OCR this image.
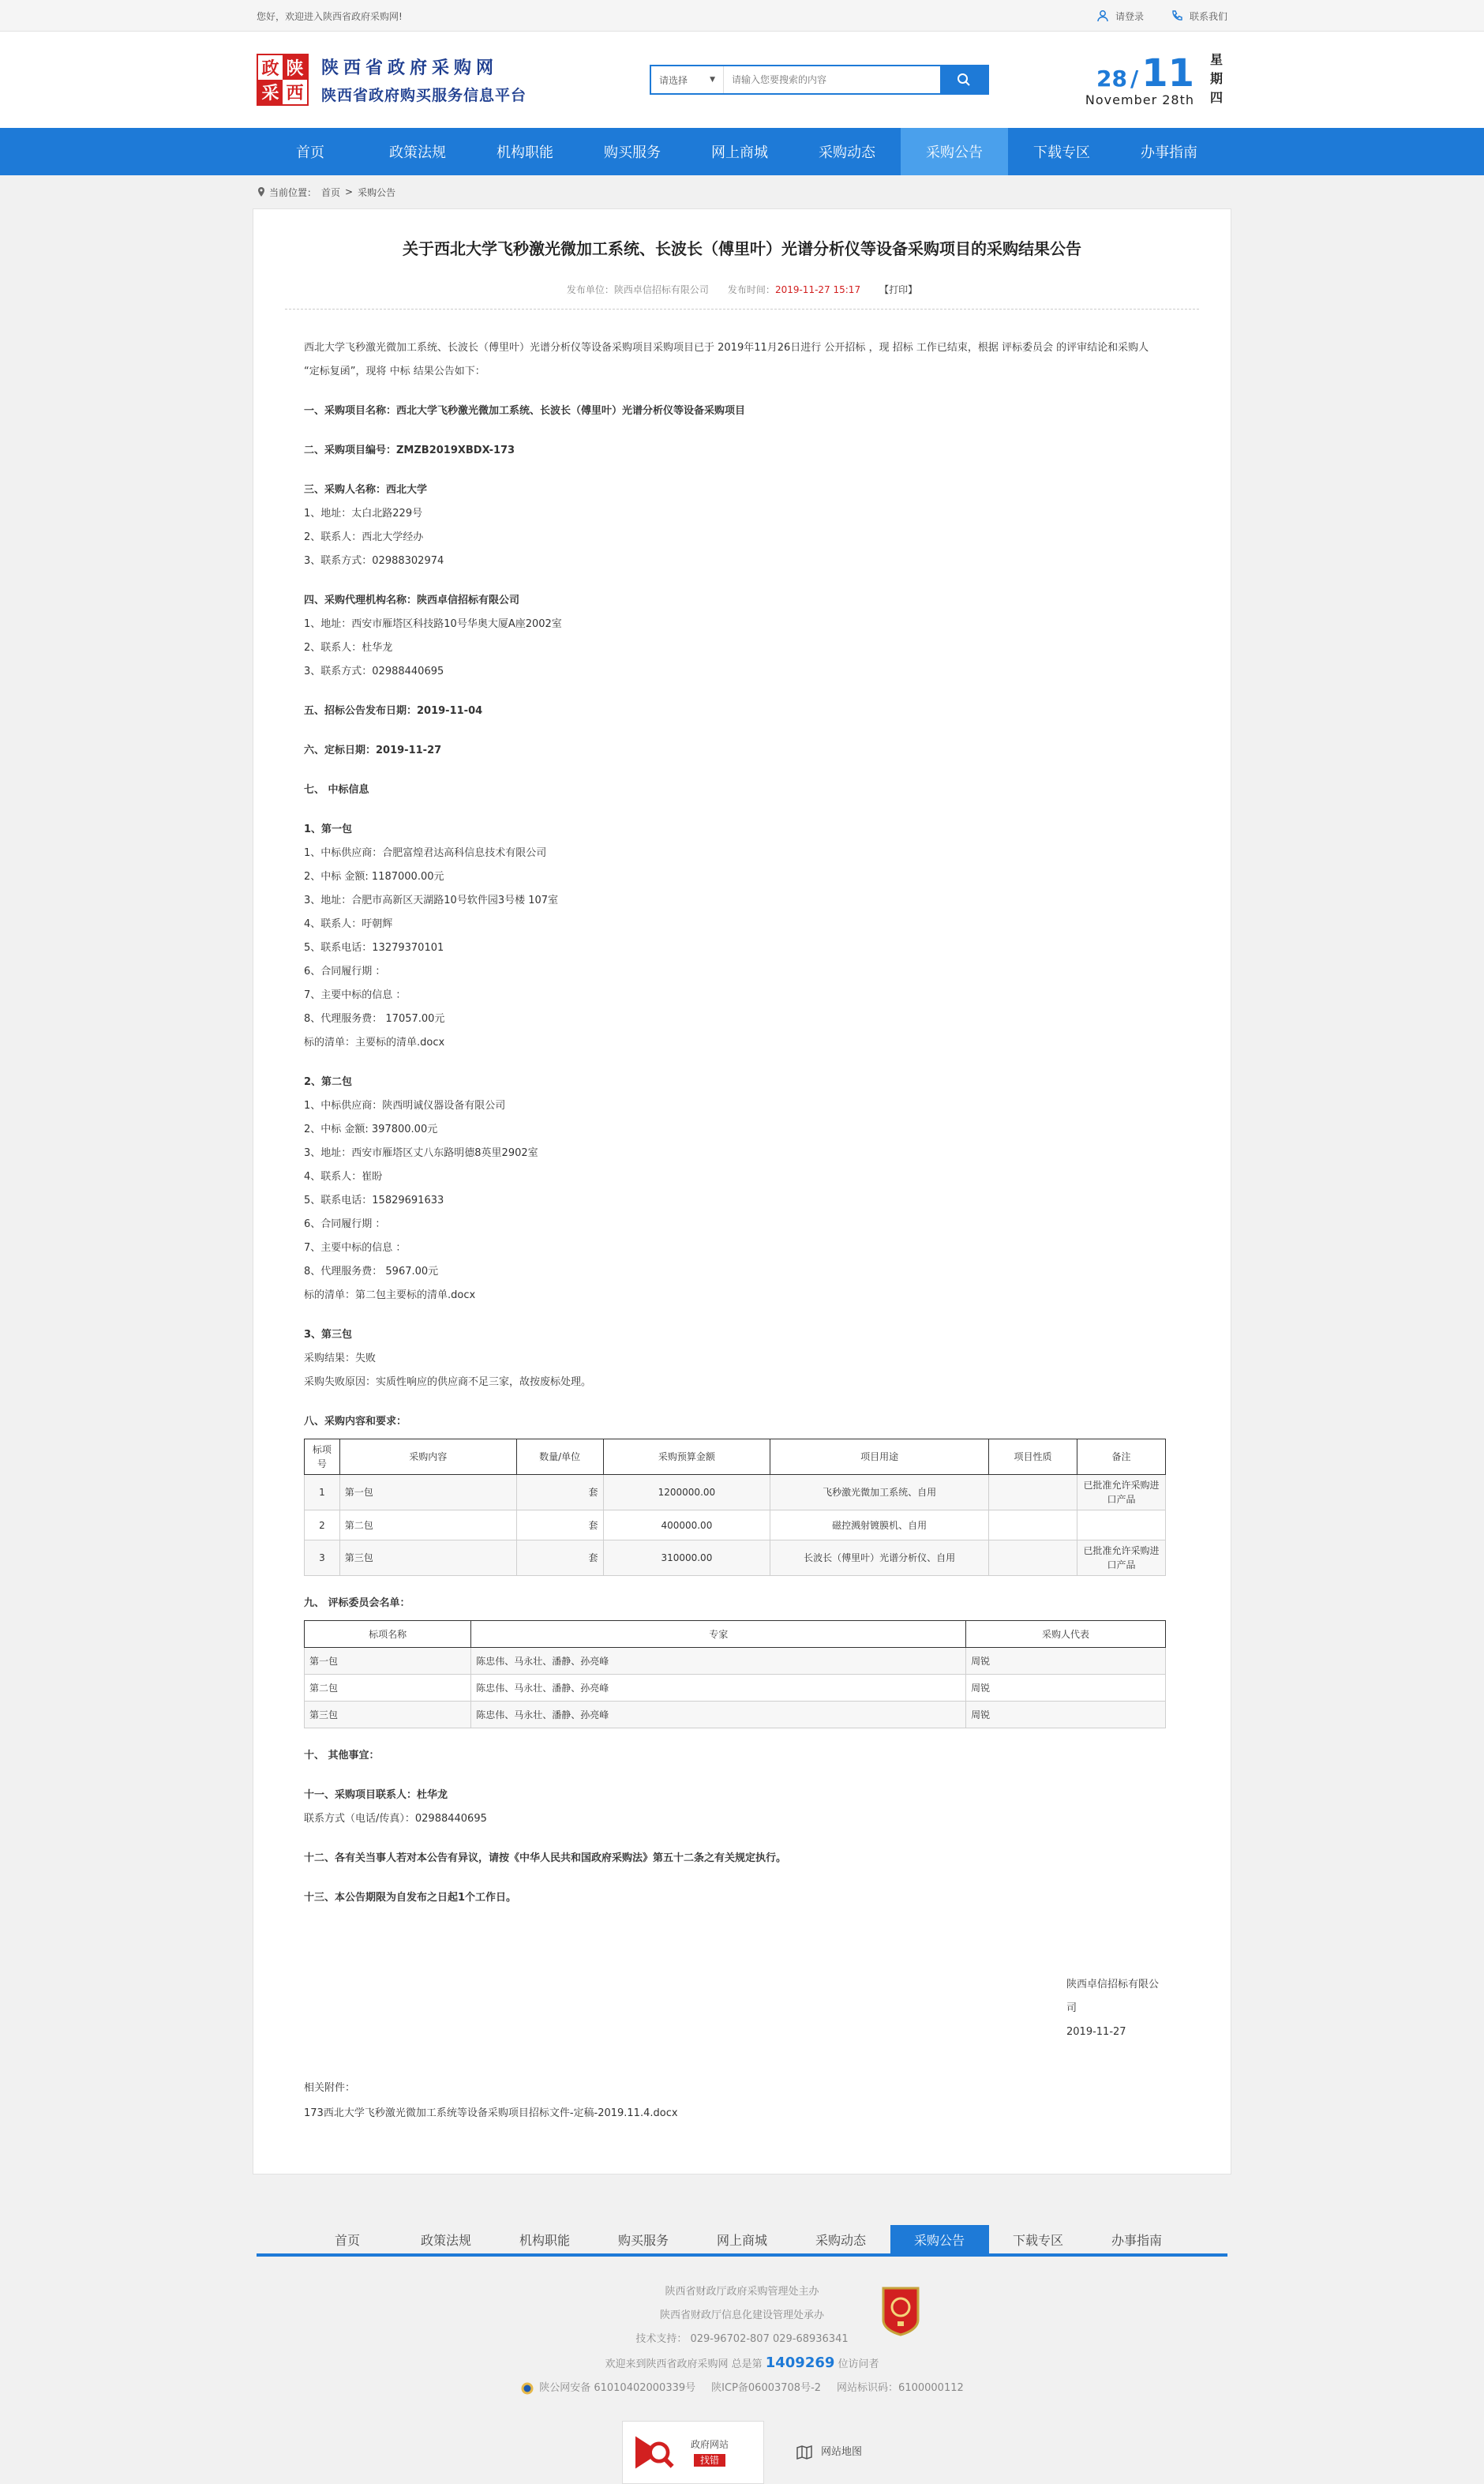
您好，欢迎进入陕西省政府采购网!	请登录	联系我们
政 陕
采 西
陕西省政府采购网
陕西省政府购买服务信息平台
请选择	▼
请输入您要搜索的内容	28 /11
November 28th
星
期
四
首页	政策法规	机构职能	购买服务	网上商城	采购动态	采购公告	下载专区	办事指南
当前位置： 首页 > 采购公告
关于西北大学飞秒激光微加工系统、长波长（傅里叶）光谱分析仪等设备采购项目的采购结果公告
发布单位：陕西卓信招标有限公司 发布时间：2019-11-27 15:17 【打印】

西北大学飞秒激光微加工系统、长波长（傅里叶）光谱分析仪等设备采购项目采购项目已于 2019年11月26日进行 公开招标 ，现 招标 工作已结束，根据 评标委员会 的评审结论和采购人 “定标复函”，现将 中标 结果公告如下：

一、采购项目名称：西北大学飞秒激光微加工系统、长波长（傅里叶）光谱分析仪等设备采购项目

二、采购项目编号：ZMZB2019XBDX-173

三、采购人名称：西北大学

1、地址：太白北路229号

2、联系人：西北大学经办

3、联系方式：02988302974

四、采购代理机构名称：陕西卓信招标有限公司

1、地址：西安市雁塔区科技路10号华奥大厦A座2002室

2、联系人：杜华龙

3、联系方式：02988440695

五、招标公告发布日期：2019-11-04

六、定标日期：2019-11-27

七、 中标信息

1、第一包

1、中标供应商：合肥富煌君达高科信息技术有限公司

2、中标 金额: 1187000.00元

3、地址：合肥市高新区天湖路10号软件园3号楼 107室

4、联系人：吁朝辉

5、联系电话：13279370101

6、合同履行期 ：

7、主要中标的信息 ：

8、代理服务费： 17057.00元

标的清单：主要标的清单.docx

2、第二包

1、中标供应商：陕西明诚仪器设备有限公司

2、中标 金额: 397800.00元

3、地址：西安市雁塔区丈八东路明德8英里2902室

4、联系人：崔盼

5、联系电话：15829691633

6、合同履行期 ：

7、主要中标的信息 ：

8、代理服务费： 5967.00元

标的清单：第二包主要标的清单.docx

3、第三包

采购结果：失败

采购失败原因：实质性响应的供应商不足三家，故按废标处理。

八、采购内容和要求：

标项号	采购内容	数量/单位	采购预算金额	项目用途	项目性质	备注
1	第一包	套	1200000.00	飞秒激光微加工系统、自用		已批准允许采购进口产品
2	第二包	套	400000.00	磁控溅射镀膜机、自用		
3	第三包	套	310000.00	长波长（傅里叶）光谱分析仪、自用		已批准允许采购进口产品

九、 评标委员会名单：

标项名称	专家	采购人代表
第一包	陈忠伟、马永壮、潘静、孙亮峰	周锐
第二包	陈忠伟、马永壮、潘静、孙亮峰	周锐
第三包	陈忠伟、马永壮、潘静、孙亮峰	周锐

十、 其他事宜：

十一、采购项目联系人：杜华龙

联系方式（电话/传真）：02988440695

十二、各有关当事人若对本公告有异议，请按《中华人民共和国政府采购法》第五十二条之有关规定执行。

十三、本公告期限为自发布之日起1个工作日。

陕西卓信招标有限公司

2019-11-27

相关附件：

173西北大学飞秒激光微加工系统等设备采购项目招标文件-定稿-2019.11.4.docx

首页	政策法规	机构职能	购买服务	网上商城	采购动态	采购公告	下载专区	办事指南

陕西省财政厅政府采购管理处主办

陕西省财政厅信息化建设管理处承办

技术支持： 029-96702-807 029-68936341

欢迎来到陕西省政府采购网 总是第 1409269 位访问者

陕公网安备 61010402000339号 陕ICP备06003708号-2 网站标识码：6100000112
政府网站
找错
网站地图
